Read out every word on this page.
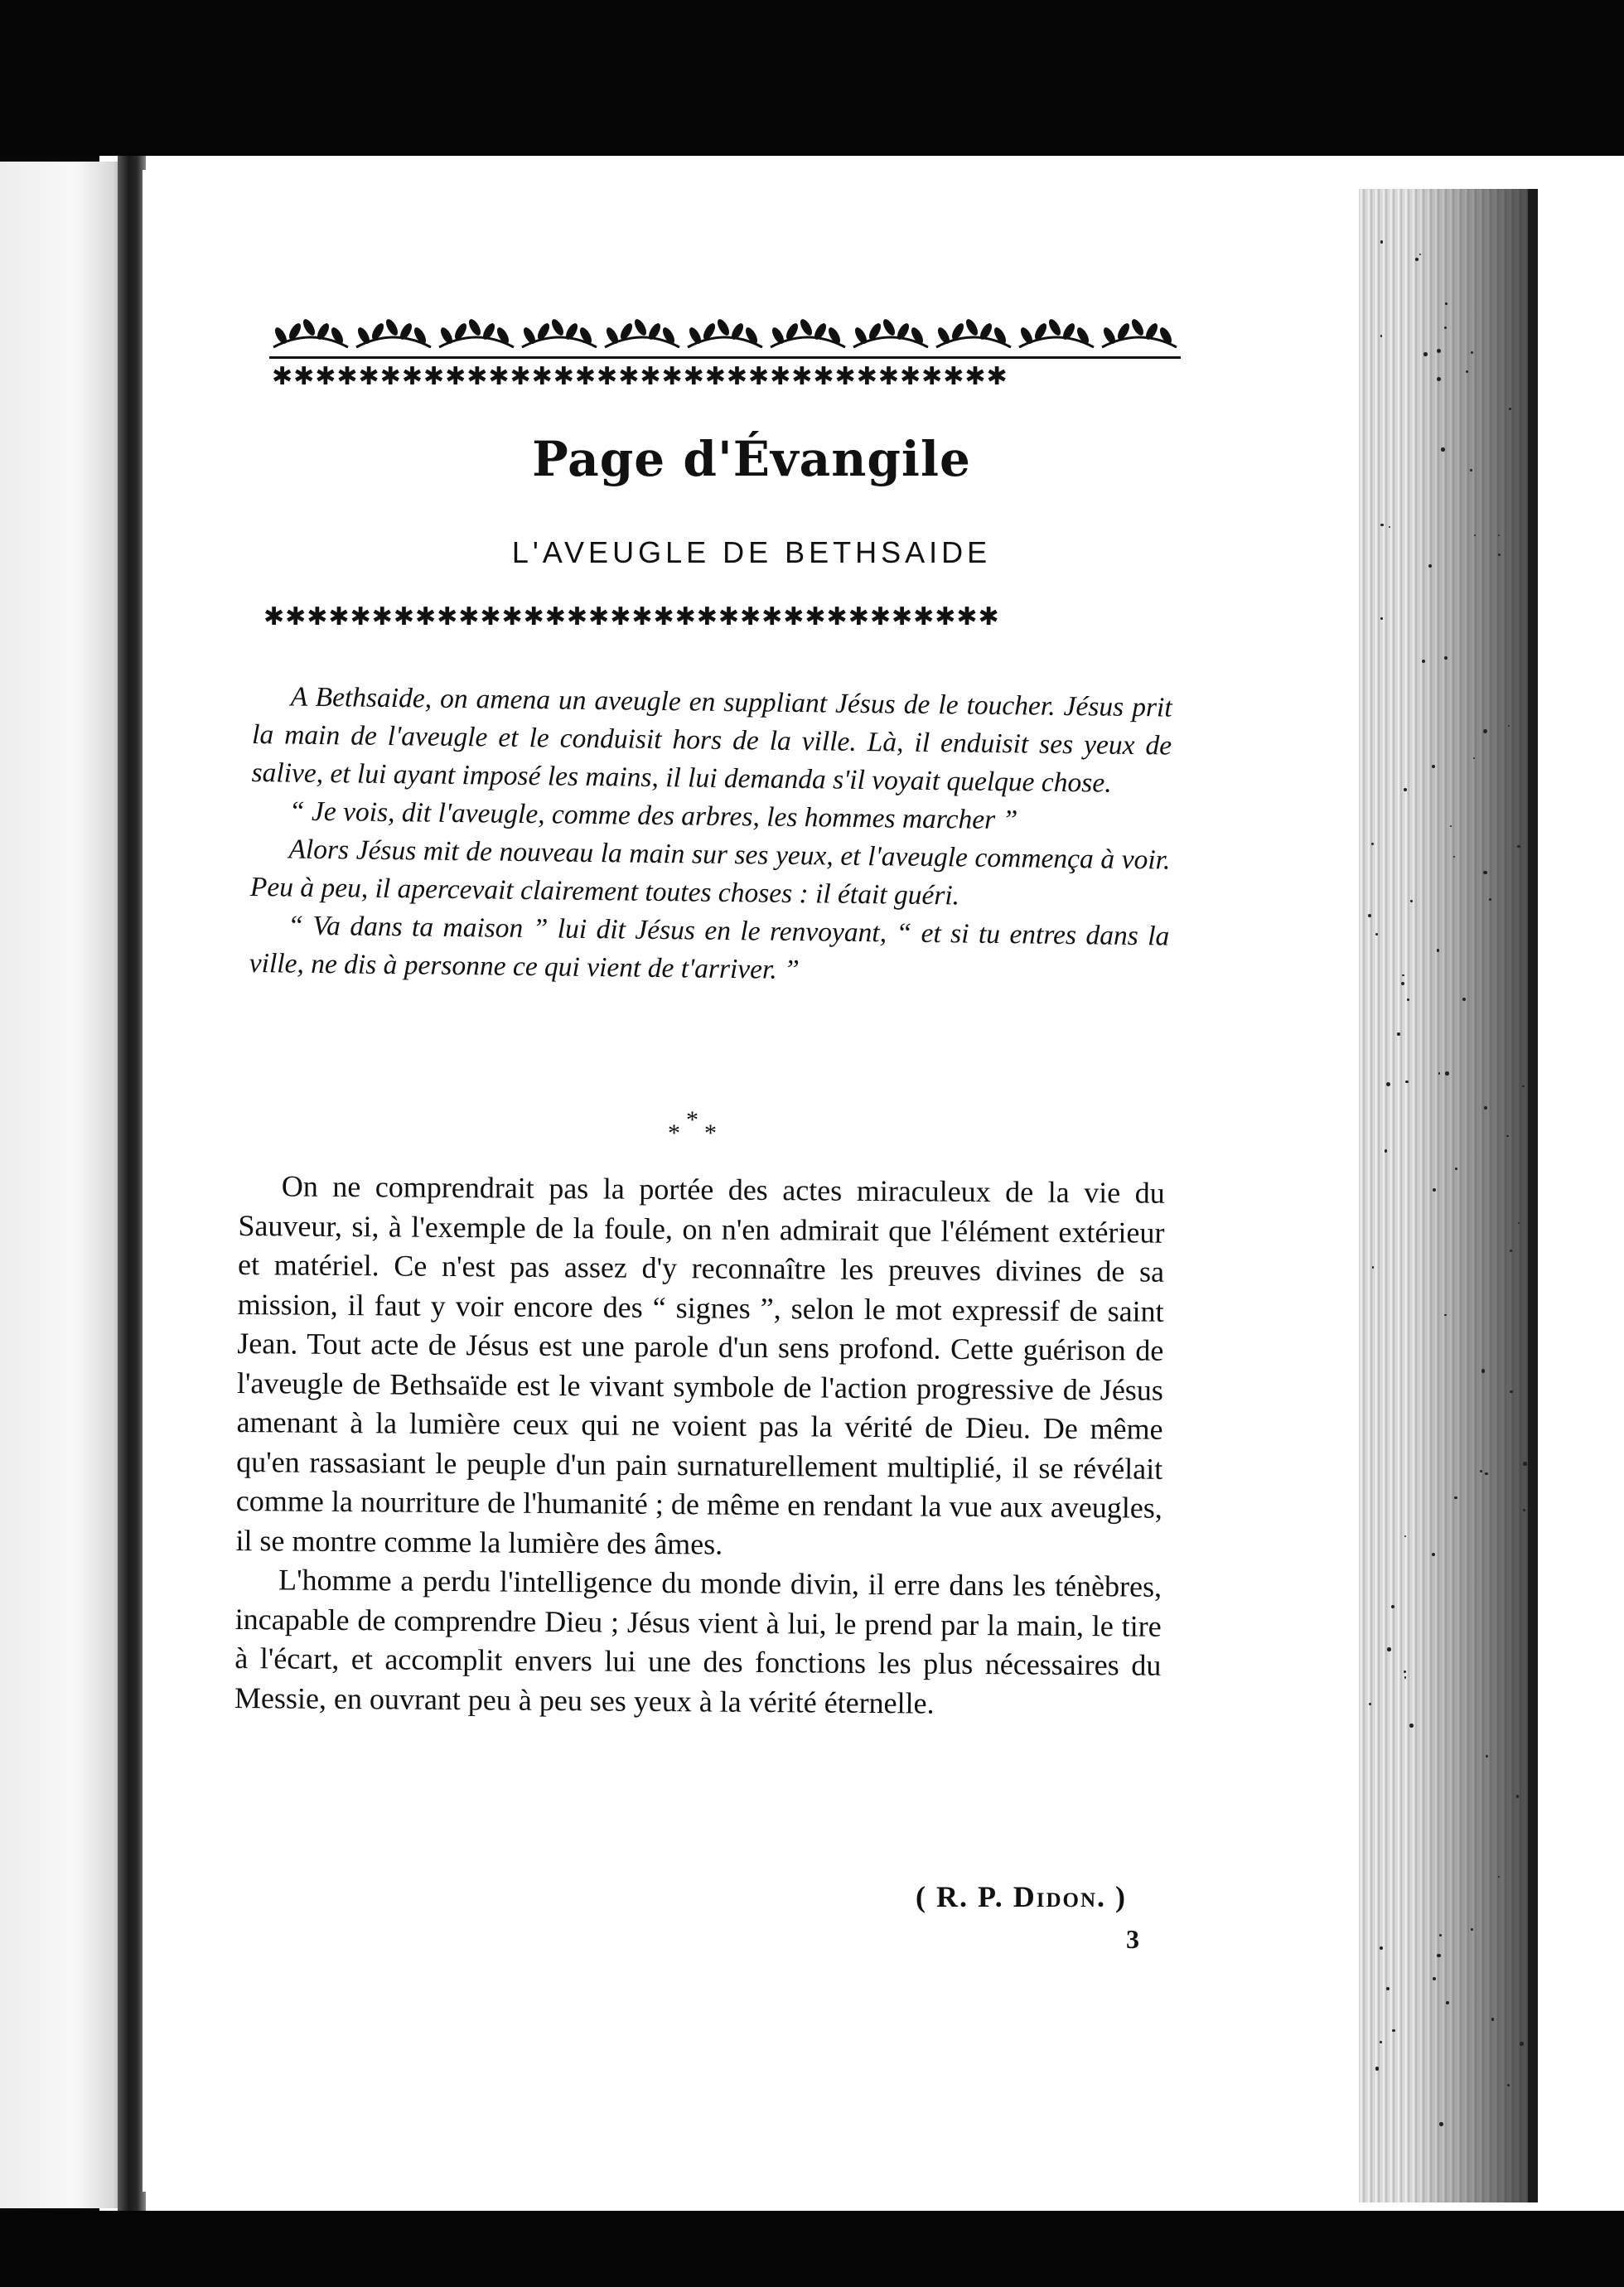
✱✱✱✱✱✱✱✱✱✱✱✱✱✱✱✱✱✱✱✱✱✱✱✱✱✱✱✱✱✱✱✱✱✱
Page d'Évangile
L'AVEUGLE DE BETHSAIDE
✱✱✱✱✱✱✱✱✱✱✱✱✱✱✱✱✱✱✱✱✱✱✱✱✱✱✱✱✱✱✱✱✱✱

A Bethsaide, on amena un aveugle en suppliant Jésus de le toucher. Jésus prit la main de l'aveugle et le conduisit hors de la ville. Là, il enduisit ses yeux de salive, et lui ayant imposé les mains, il lui demanda s'il voyait quelque chose.

“ Je vois, dit l'aveugle, comme des arbres, les hommes marcher ”

Alors Jésus mit de nouveau la main sur ses yeux, et l'aveugle commença à voir. Peu à peu, il apercevait clairement toutes choses : il était guéri.

“ Va dans ta maison ” lui dit Jésus en le renvoyant, “ et si tu entres dans la ville, ne dis à personne ce qui vient de t'arriver. ”

*
* *

On ne comprendrait pas la portée des actes miraculeux de la vie du Sauveur, si, à l'exemple de la foule, on n'en admirait que l'élément extérieur et matériel. Ce n'est pas assez d'y reconnaître les preuves divines de sa mission, il faut y voir encore des “ signes ”, selon le mot expressif de saint Jean. Tout acte de Jésus est une parole d'un sens profond. Cette guérison de l'aveugle de Bethsaïde est le vivant symbole de l'action progressive de Jésus amenant à la lumière ceux qui ne voient pas la vérité de Dieu. De même qu'en rassasiant le peuple d'un pain surnaturellement multiplié, il se révélait comme la nourriture de l'humanité ; de même en rendant la vue aux aveugles, il se montre comme la lumière des âmes.

L'homme a perdu l'intelligence du monde divin, il erre dans les ténèbres, incapable de comprendre Dieu ; Jésus vient à lui, le prend par la main, le tire à l'écart, et accomplit envers lui une des fonctions les plus nécessaires du Messie, en ouvrant peu à peu ses yeux à la vérité éternelle.

( R. P. Didon. )
3
